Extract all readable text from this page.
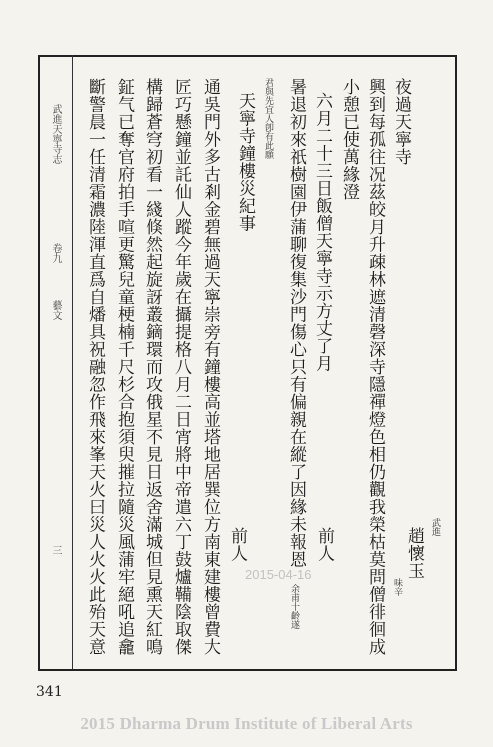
武進天寧寺志
卷九
藝文
三
夜過天寧寺
興到每孤往况茲皎月升疎林遮清磬深寺隱禪燈色相仍觀我榮枯莫問僧徘徊成
小憩已使萬緣澄
六月二十三日飯僧天寧寺示方丈了月
暑退初來祇樹園伊蒲聊復集沙門傷心只有偏親在縱了因緣未報恩
君與先宜人卽有此願
天寧寺鐘樓災紀事
通吳門外多古剎金碧無過天寧崇旁有鐘樓高並塔地居巽位方南東建樓曾費大
匠巧懸鐘並託仙人蹤今年歲在攝提格八月二日宵將中帝遣六丁鼓爐鞴陰取傑
構歸蒼穹初看一綫倏然起旋訝叢鏑環而攻俄星不見日返舍滿城但見熏天紅鳴
鉦气已奪官府拍手喧更驚兒童梗楠千尺杉合抱須臾摧拉隨災風蒲牢絕吼追龕
斷警晨一任清霜濃陸渾直爲自燔具祝融忽作飛來峯天火曰災人火火此殆天意	武進
趙懷玉
味辛
前人
余甫十齡遂
前人
341
2015-04-16
2015 Dharma Drum Institute of Liberal Arts
